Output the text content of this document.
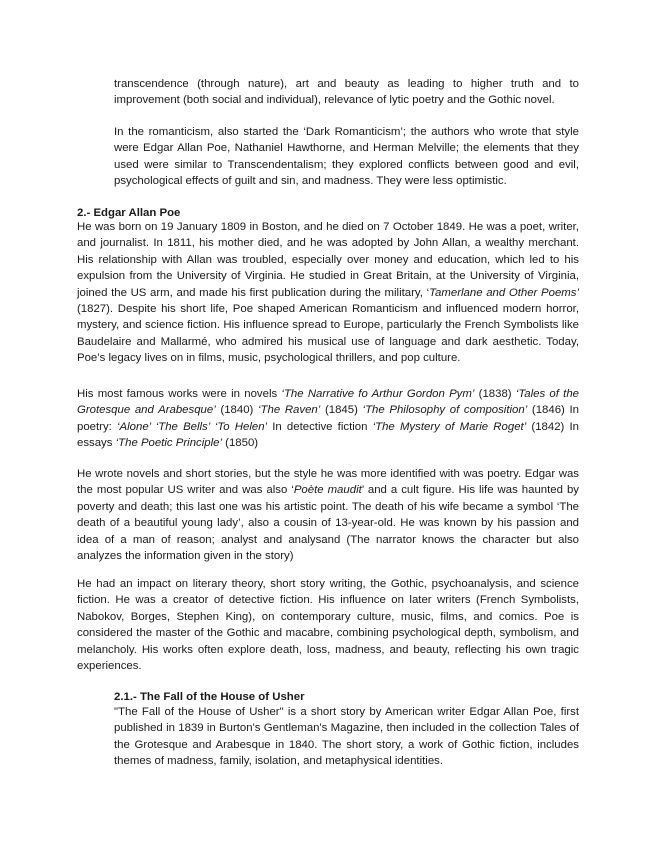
transcendence (through nature), art and beauty as leading to higher truth and to improvement (both social and individual), relevance of lytic poetry and the Gothic novel.

In the romanticism, also started the ‘Dark Romanticism’; the authors who wrote that style were Edgar Allan Poe, Nathaniel Hawthorne, and Herman Melville; the elements that they used were similar to Transcendentalism; they explored conflicts between good and evil, psychological effects of guilt and sin, and madness. They were less optimistic.

2.- Edgar Allan Poe

He was born on 19 January 1809 in Boston, and he died on 7 October 1849. He was a poet, writer, and journalist. In 1811, his mother died, and he was adopted by John Allan, a wealthy merchant. His relationship with Allan was troubled, especially over money and education, which led to his expulsion from the University of Virginia. He studied in Great Britain, at the University of Virginia, joined the US arm, and made his first publication during the military, ‘Tamerlane and Other Poems’ (1827). Despite his short life, Poe shaped American Romanticism and influenced modern horror, mystery, and science fiction. His influence spread to Europe, particularly the French Symbolists like Baudelaire and Mallarmé, who admired his musical use of language and dark aesthetic. Today, Poe’s legacy lives on in films, music, psychological thrillers, and pop culture.

His most famous works were in novels ‘The Narrative fo Arthur Gordon Pym’ (1838) ‘Tales of the Grotesque and Arabesque’ (1840) ‘The Raven’ (1845) ‘The Philosophy of composition’ (1846) In poetry: ‘Alone’ ‘The Bells’ ‘To Helen’ In detective fiction ‘The Mystery of Marie Roget’ (1842) In essays ‘The Poetic Principle’ (1850)

He wrote novels and short stories, but the style he was more identified with was poetry. Edgar was the most popular US writer and was also ‘Poète maudit’ and a cult figure. His life was haunted by poverty and death; this last one was his artistic point. The death of his wife became a symbol ‘The death of a beautiful young lady’, also a cousin of 13-year-old. He was known by his passion and idea of a man of reason; analyst and analysand (The narrator knows the character but also analyzes the information given in the story)

He had an impact on literary theory, short story writing, the Gothic, psychoanalysis, and science fiction. He was a creator of detective fiction. His influence on later writers (French Symbolists, Nabokov, Borges, Stephen King), on contemporary culture, music, films, and comics. Poe is considered the master of the Gothic and macabre, combining psychological depth, symbolism, and melancholy. His works often explore death, loss, madness, and beauty, reflecting his own tragic experiences.

2.1.- The Fall of the House of Usher

"The Fall of the House of Usher" is a short story by American writer Edgar Allan Poe, first published in 1839 in Burton's Gentleman's Magazine, then included in the collection Tales of the Grotesque and Arabesque in 1840. The short story, a work of Gothic fiction, includes themes of madness, family, isolation, and metaphysical identities.
